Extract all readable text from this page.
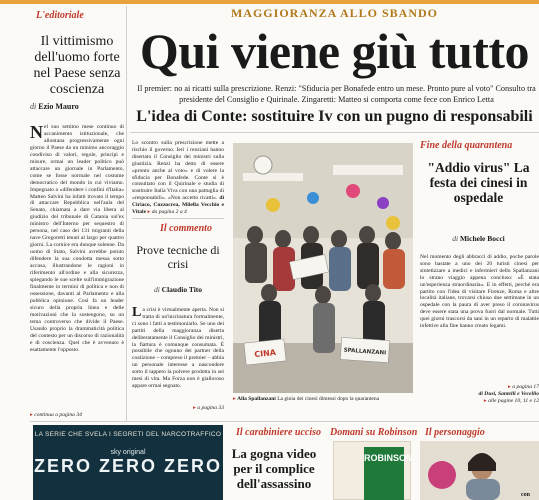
L'editoriale
Il vittimismo dell'uomo forte nel Paese senza coscienza
di Ezio Mauro
Nel suo settimo mese continuo di accanimento istituzionale, che allontana progressivamente ogni giorno il Paese da un minimo ancoraggio condiviso di valori, regole, principi e misure, ormai un leader politico può attaccare un giornale in Parlamento, come se fosse normale nel costume democratico del mondo in cui viviamo. Impegnato a «difendere i confini d'Italia» Matteo Salvini ha infatti trovato il tempo di attaccare Repubblica nell'aula del Senato, chiamata a dare via libera al giudizio del tribunale di Catania sul'ex ministro dell'Interno per sequestro di persona, nel caso dei 131 migranti della nave Gregoretti tenuti al largo per quattro giorni. La cornice era dunque solenne. Da uomo di Stato, Salvini avrebbe potuto difendere la sua condotta messa sotto accusa, illustrandone le ragioni in riferimento all'ordine e alla sicurezza, spiegando le sue scelte sull'immigrazione finalmente in termini di politica e non di ossessione, davanti al Parlamento e alla pubblica opinione. Così fa un leader sicuro della propria linea e delle motivazioni che la sostengono, su un tema controverso che divide il Paese. Usando proprio la drammaticità politica del contesto per un discorso di razionalità e di coscienza. Quel che è avvenuto è esattamente l'opposto.
▸ continua a pagina 34
MAGGIORANZA ALLO SBANDO
Qui viene giù tutto
Il premier: no ai ricatti sulla prescrizione. Renzi: "Sfiducia per Bonafede entro un mese. Pronto pure al voto" Consulto tra presidente del Consiglio e Quirinale. Zingaretti: Matteo si comporta come fece con Enrico Letta
L'idea di Conte: sostituire Iv con un pugno di responsabili
Lo scontro sulla prescrizione mette a rischio il governo. Ieri i renziani hanno disertato il Consiglio dei ministri sulla giustizia. Renzi ha detto di essere «pronto anche al voto» e di volere la sfiducia per Bonafede. Conte si è consultato con il Quirinale e studia di sostituire Italia Viva con una pattuglia di «responsabili». «Non accetto ricatti». di Ciriaco, Cuzzocrea, Milella Vecchio e Vitale ▸ da pagina 2 a 4
Il commento
Prove tecniche di crisi
di Claudio Tito
La crisi è virtualmente aperta. Non si tratta di un'incrinatura formalmente, ci sono i fatti a testimoniarlo. Se uno dei partiti della maggioranza diserta deliberatamente il Consiglio dei ministri, la fiattura è comunque consumata. È possibile che ognuno dei partner della coalizione – compreso il premier – abbia un personale interesse a nascondere sotto il tappeto la polvere prodotta in sei mesi di vita. Ma Forza non è gialloroso appare ormai segnato.
▸ a pagina 33
CINA	SPALLANZANI
▸ Alla Spallanzani La gioia dei cinesi dimessi dopo la quarantena
Fine della quarantena
"Addio virus" La festa dei cinesi in ospedale
di Michele Bocci
Nel momento degli abbracci di addio, poche parole sono bastate a uno dei 20 turisti cinesi per sintetizzare a medici e infermieri dello Spallanzani lo strano viaggio appena concluso: «È stata un'esperienza straordinaria». E in effetti, perché era partito con l'idea di visitare Firenze, Roma e altre località italiane, trovarsi chiuso due settimane in un ospedale con la paura di aver preso il coronavirus deve essere stata una prova fuori dal normale. Tutti quei giorni trascorsi da sani in un reparto di malattie infettive alla fine hanno creato legami.
▸ a pagina 17
di Dusi, Santelli e Vecellio
▸ alle pagine 10, 11 e 12
LA SERIE CHE SVELA I SEGRETI DEL NARCOTRAFFICO
sky original
ZERO ZERO ZERO
Il carabiniere ucciso
La gogna video per il complice dell'assassino
Domani su Robinson
ROBINSON
Il personaggio
con
